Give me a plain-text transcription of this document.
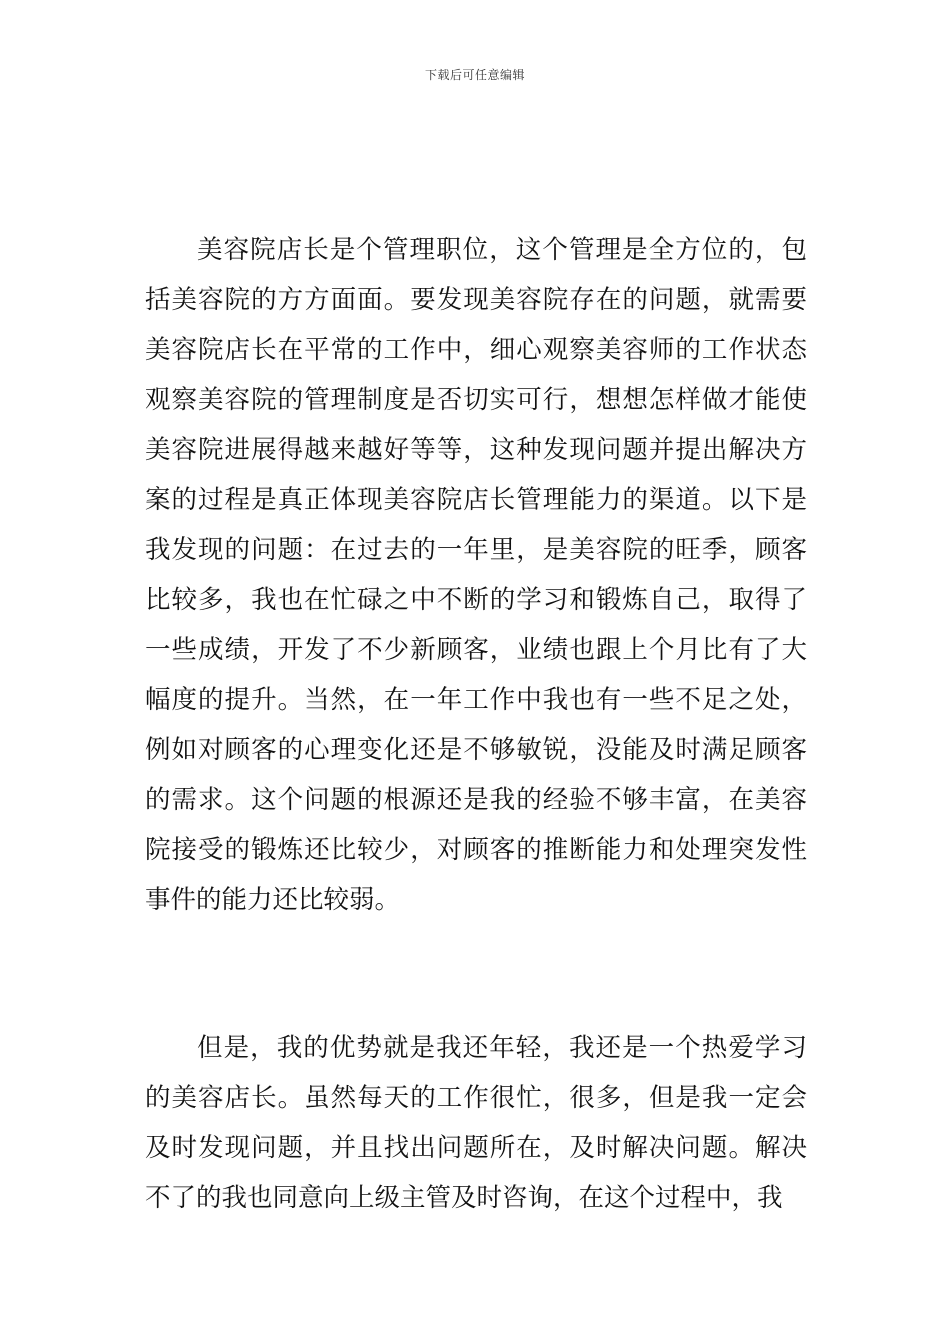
下载后可任意编辑

美容院店长是个管理职位，这个管理是全方位的，包括美容院的方方面面。要发现美容院存在的问题，就需要美容院店长在平常的工作中，细心观察美容师的工作状态观察美容院的管理制度是否切实可行，想想怎样做才能使美容院进展得越来越好等等，这种发现问题并提出解决方案的过程是真正体现美容院店长管理能力的渠道。以下是我发现的问题：在过去的一年里，是美容院的旺季，顾客比较多，我也在忙碌之中不断的学习和锻炼自己，取得了一些成绩，开发了不少新顾客，业绩也跟上个月比有了大幅度的提升。当然，在一年工作中我也有一些不足之处，例如对顾客的心理变化还是不够敏锐，没能及时满足顾客的需求。这个问题的根源还是我的经验不够丰富，在美容院接受的锻炼还比较少，对顾客的推断能力和处理突发性事件的能力还比较弱。

但是，我的优势就是我还年轻，我还是一个热爱学习的美容店长。虽然每天的工作很忙，很多，但是我一定会及时发现问题，并且找出问题所在，及时解决问题。解决不了的我也同意向上级主管及时咨询，在这个过程中，我
